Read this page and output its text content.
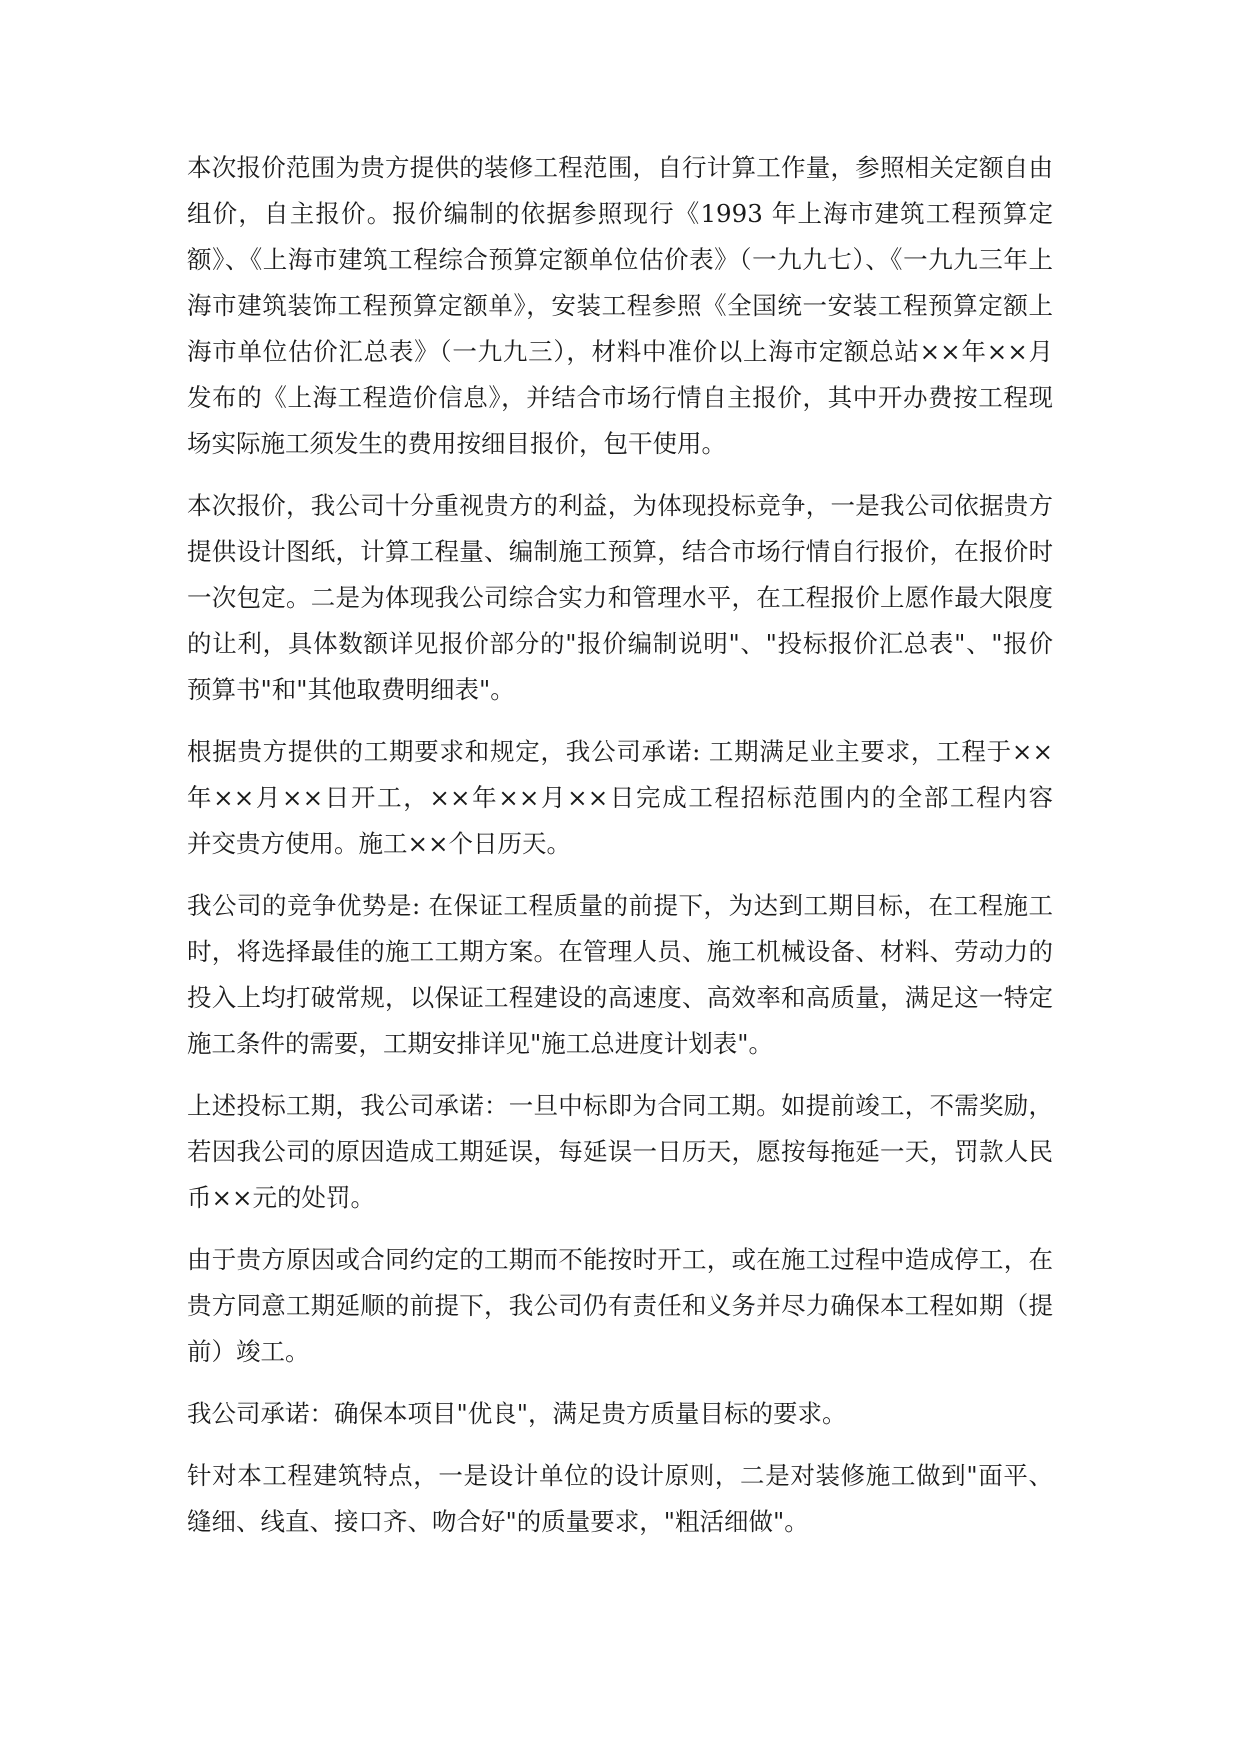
本次报价范围为贵方提供的装修工程范围，自行计算工作量，参照相关定额自由
组价，自主报价。报价编制的依据参照现行《1993 年上海市建筑工程预算定
额》、《上海市建筑工程综合预算定额单位估价表》（一九九七）、《一九九三年上
海市建筑装饰工程预算定额单》，安装工程参照《全国统一安装工程预算定额上
海市单位估价汇总表》（一九九三），材料中准价以上海市定额总站××年××月
发布的《上海工程造价信息》，并结合市场行情自主报价，其中开办费按工程现
场实际施工须发生的费用按细目报价，包干使用。
本次报价，我公司十分重视贵方的利益，为体现投标竞争，一是我公司依据贵方
提供设计图纸，计算工程量、编制施工预算，结合市场行情自行报价，在报价时
一次包定。二是为体现我公司综合实力和管理水平，在工程报价上愿作最大限度
的让利，具体数额详见报价部分的"报价编制说明"、"投标报价汇总表"、"报价
预算书"和"其他取费明细表"。
根据贵方提供的工期要求和规定，我公司承诺: 工期满足业主要求，工程于××
年××月××日开工，××年××月××日完成工程招标范围内的全部工程内容
并交贵方使用。施工××个日历天。
我公司的竞争优势是: 在保证工程质量的前提下，为达到工期目标，在工程施工
时，将选择最佳的施工工期方案。在管理人员、施工机械设备、材料、劳动力的
投入上均打破常规，以保证工程建设的高速度、高效率和高质量，满足这一特定
施工条件的需要，工期安排详见"施工总进度计划表"。
上述投标工期，我公司承诺：一旦中标即为合同工期。如提前竣工，不需奖励，
若因我公司的原因造成工期延误，每延误一日历天，愿按每拖延一天，罚款人民
币××元的处罚。
由于贵方原因或合同约定的工期而不能按时开工，或在施工过程中造成停工，在
贵方同意工期延顺的前提下，我公司仍有责任和义务并尽力确保本工程如期（提
前）竣工。
我公司承诺：确保本项目"优良"，满足贵方质量目标的要求。
针对本工程建筑特点，一是设计单位的设计原则，二是对装修施工做到"面平、
缝细、线直、接口齐、吻合好"的质量要求，"粗活细做"。
